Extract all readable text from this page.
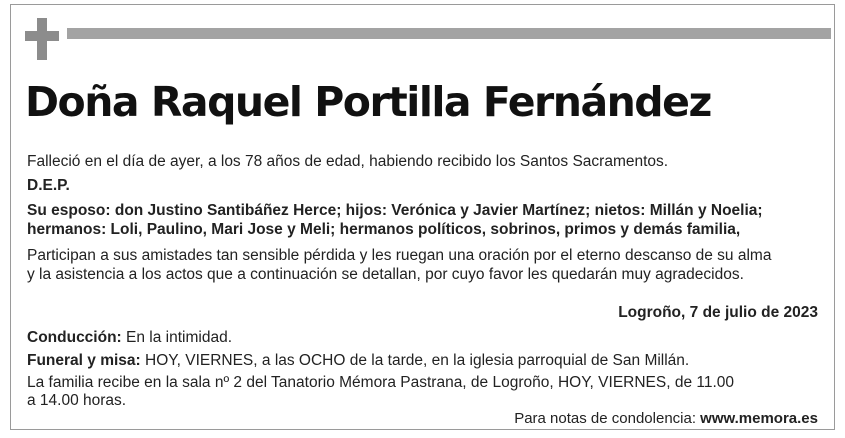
Doña Raquel Portilla Fernández
Falleció en el día de ayer, a los 78 años de edad, habiendo recibido los Santos Sacramentos.
D.E.P.
Su esposo: don Justino Santibáñez Herce; hijos: Verónica y Javier Martínez; nietos: Millán y Noelia;
hermanos: Loli, Paulino, Mari Jose y Meli; hermanos políticos, sobrinos, primos y demás familia,
Participan a sus amistades tan sensible pérdida y les ruegan una oración por el eterno descanso de su alma
y la asistencia a los actos que a continuación se detallan, por cuyo favor les quedarán muy agradecidos.
Logroño, 7 de julio de 2023
Conducción: En la intimidad.
Funeral y misa: HOY, VIERNES, a las OCHO de la tarde, en la iglesia parroquial de San Millán.
La familia recibe en la sala nº 2 del Tanatorio Mémora Pastrana, de Logroño, HOY, VIERNES, de 11.00
a 14.00 horas.
Para notas de condolencia: www.memora.es
